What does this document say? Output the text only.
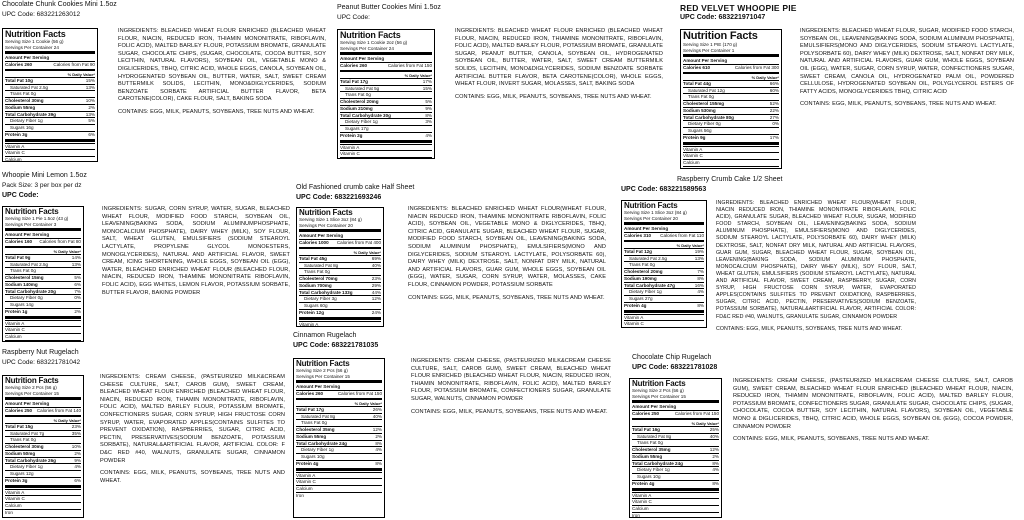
Chocolate Chunk Cookies Mini 1.5oz
UPC Code: 683221263012
Nutrition Facts
Serving Size 1 Cookie (56 g)
Servings Per Container 24
Amount Per Serving
Calories 260	Calories from Fat 90
% Daily Value*
Total Fat 10g	15%
Saturated Fat 2.5g	13%
Trans Fat 0g
Cholesterol 30mg	10%
Sodium 55mg	2%
Total Carbohydrate 39g	13%
Dietary Fiber 1g	5%
Sugars 16g
Protein 3g	6%
Vitamin A
Vitamin C
Calcium

INGREDIENTS: BLEACHED WHEAT FLOUR ENRICHED (BLEACHED WHEAT FLOUR, NIACIN, REDUCED IRON, THIAMIN MONONITRATE, RIBOFLAVIN, FOLIC ACID), MALTED BARLEY FLOUR, POTASSIUM BROMATE, GRANULATE SUGAR, CHOCOLATE CHIPS, (SUGAR, CHOCOLATE, COCOA BUTTER, SOY LECITHIN, NATURAL FLAVORS), SOYBEAN OIL, VEGETABLE MONO & DIGLICERIDES, TBHQ, CITRIC ACID, WHOLE EGGS, CANOLA, SOYBEAN OIL, HYDROGENATED SOYBEAN OIL, BUTTER, WATER, SALT, SWEET CREAM BUTTERMILK SOLIDS, LECITHIN, MONO&DIGLYCERIDES, SODIUM BENZOATE SORBATE ARTIFICIAL BUTTER FLAVOR, BETA CAROTENE(COLOR), CAKE FLOUR, SALT, BAKING SODA

CONTAINS: EGG, MILK, PEANUTS, SOYBEANS, TREE NUTS AND WHEAT.

Peanut Butter Cookies Mini 1.5oz
UPC Code:
Nutrition Facts
Serving Size 1 Cookie 2oz (56 g)
Servings Per Container 24
Amount Per Serving
Calories 260	Calories from Fat 150
% Daily Value*
Total Fat 17g	17%
Saturated Fat 5g	15%
Trans Fat 0g
Cholesterol 20mg	5%
Sodium 210mg	9%
Total Carbohydrate 30g	8%
Dietary Fiber 1g	3%
Sugars 17g
Protein 2g	4%
Vitamin A
Vitamin C

INGREDIENTS: BLEACHED WHEAT FLOUR ENRICHED (BLEACHED WHEAT FLOUR, NIACIN, REDUCED IRON, THIAMINE MONONITRATE, RIBOFLAVIN, FOLIC ACID), MALTED BARLEY FLOUR, POTASSIUM BROMATE, GRANULATE SUGAR, PEANUT BUTTER, CANOLA, SOYBEAN OIL, HYDROGENATED SOYBEAN OIL, BUTTER, WATER, SALT, SWEET CREAM BUTTERMILK SOLIDS, LECITHIN, MONO&DIGLYCERIDES, SODIUM BENZOATE SORBATE ARTIFICIAL BUTTER FLAVOR, BETA CAROTENE(COLOR), WHOLE EGGS, WHEAT FLOUR, INVERT SUGAR, MOLASSES, SALT, BAKING SODA

CONTAINS: EGG, MILK, PEANUTS, SOYBEANS, TREE NUTS AND WHEAT.

RED VELVET WHOOPIE PIE
UPC Code: 683221971047
Nutrition Facts
Serving Size 1 PIE (170 g)
Servings Per Container 1
Amount Per Serving
Calories 610	Calories from Fat 300
% Daily Value*
Total Fat 44g	66%
Saturated Fat 12g	60%
Trans Fat 0g
Cholesterol 155mg	52%
Sodium 530mg	22%
Total Carbohydrate 80g	27%
Dietary Fiber 0g	0%
Sugars 56g
Protein 9g	17%
Vitamin A
Vitamin C
Calcium

INGREDIENTS: BLEACHED WHEAT FLOUR, SUGAR, MODIFIED FOOD STARCH, SOYBEAN OIL, LEAVENING(BAKING SODA, SODIUM ALUMINUM PHOSPHATE), EMULSIFIERS(MONO AND DIGLYCERIDES, SODIUM STEAROYL LACTYLATE, POLYSORBATE 60), DAIRY WHEY (MILK) DEXTROSE, SALT, NONFAT DRY MILK, NATURAL AND ARTIFICIAL FLAVORS, GUAR GUM, WHOLE EGGS, SOYBEAN OIL (EGG), WATER, SUGAR, CORN SYRUP, WATER, CONFECTIONERS SUGAR, SWEET CREAM, CANOLA OIL, HYDROGENATED PALM OIL, POWDERED CELLULOSE, HYDROGENATED SOYBEAN OIL, POLYGLYCEROL ESTERS OF FATTY ACIDS, MONOGLYCERIDES TBHQ, CITRIC ACID

CONTAINS: EGG, MILK, PEANUTS, SOYBEANS, TREE NUTS AND WHEAT.

Whoopie Mini Lemon 1.5oz
Pack Size: 3 per box per dz
UPC Code:
Nutrition Facts
Serving Size 1 Pie 1.5oz (43 g)
Servings Per Container 3
Amount Per Serving
Calories 160 Calories from Fat 80
% Daily Value*
Total Fat 9g	14%
Saturated Fat 2.5g	13%
Trans Fat 0g
Cholesterol 15mg	5%
Sodium 140mg	6%
Total Carbohydrate 20g	7%
Dietary Fiber 0g	0%
Sugars 14g
Protein 1g	2%
Vitamin A
Vitamin C
Calcium

INGREDIENTS: SUGAR, CORN SYRUP, WATER, SUGAR, BLEACHED WHEAT FLOUR, MODIFIED FOOD STARCH, SOYBEAN OIL, LEAVENING(BAKING SODA, SODIUM ALUMINUMPHOSPHATE, MONOCALCIUM PHOSPHATE), DAIRY WHEY (MILK), SOY FLOUR, SALT, WHEAT GLUTEN, EMULSIFIERS (SODIUM STEAROYL LACTYLATE, PROPYLENE GLYCOL MONOESTERS, MONOGLYCERIDES), NATURAL AND ARTIFICIAL FLAVOR, SWEET CREAM, ICING SHORTENING, WHOLE EGGS, SOYBEAN OIL (EGG), WATER, BLEACHED ENRICHED WHEAT FLOUR (BLEACHED FLOUR, NIACIN, REDUCED IRON, THIAMINE MONONITRATE RIBOFLAVIN, FOLIC ACID), EGG WHITES, LEMON FLAVOR, POTASSIUM SORBATE, BUTTER FLAVOR, BAKING POWDER

Old Fashioned crumb cake Half Sheet
UPC Code: 683221693246
Nutrition Facts
Serving Size 1 Slice 3oz (84 g)
Servings Per Container 20
Amount Per Serving
Calories 1000 Calories from Fat 400
% Daily Value*
Total Fat 45g	69%
Saturated Fat 8g	40%
Trans Fat 0g
Cholesterol 70mg	23%
Sodium 700mg	29%
Total Carbohydrate 133g	44%
Dietary Fiber 3g	12%
Sugars 60g
Protein 12g	24%
Vitamin A

INGREDIENTS: BLEACHED ENRICHED WHEAT FLOUR(WHEAT FLOUR, NIACIN REDUCED IRON, THIAMINE MONONITRATE RIBOFLAVIN, FOLIC ACID), SOYBEAN OIL, VEGETABLE MONO & DIGLYCERIDES, TBHQ, CITRIC ACID, GRANULATE SUGAR, BLEACHED WHEAT FLOUR, SUGAR, MODIFIED FOOD STARCH, SOYBEAN OIL, LEAVENING(BAKING SODA, SODIUM ALUMINUM PHOSPHATE), EMULSIFIERS(MONO AND DIGLYCERIDES, SODIUM STEAROYL LACTYLATE, POLYSORBATE 60), DAIRY WHEY (MILK) DEXTROSE, SALT, NONFAT DRY MILK, NATURAL AND ARTIFICIAL FLAVORS, GUAR GUM, WHOLE EGGS, SOYBEAN OIL (EGG), WATER, SUGAR, CORN SYRUP, WATER, MOLASSES, CAKE FLOUR, CINNAMON POWDER, POTASSIUM SORBATE

CONTAINS: EGG, MILK, PEANUTS, SOYBEANS, TREE NUTS AND WHEAT.

Raspberry Crumb Cake 1/2 Sheet
UPC Code: 683221589563
Nutrition Facts
Serving Size 1 Slice 3oz (84 g)
Servings Per Container 20
Amount Per Serving
Calories 310 Calories from Fat 110
% Daily Value*
Total Fat 12g	19%
Saturated Fat 2.5g	13%
Trans Fat 0g
Cholesterol 20mg	7%
Sodium 190mg	8%
Total Carbohydrate 47g	16%
Dietary Fiber 1g	4%
Sugars 27g
Protein 4g	8%
Vitamin A
Vitamin C

INGREDIENTS: BLEACHED ENRICHED WHEAT FLOUR(WHEAT FLOUR, NIACIN REDUCED IRON, THIAMINE MONONITRATE RIBOFLAVIN, FOLIC ACID), GRANULATE SUGAR, BLEACHED WHEAT FLOUR, SUGAR, MODIFIED FOOD STARCH, SOYBEAN OIL, LEAVENING(BAKING SODA, SODIUM ALUMINUM PHOSPHATE), EMULSIFIERS(MONO AND DIGLYCERIDES, SODIUM STEAROYL LACTYLATE, POLYSORBATE 60), DAIRY WHEY (MILK) DEXTROSE, SALT, NONFAT DRY MILK, NATURAL AND ARTIFICIAL FLAVORS, GUAR GUM, SUGAR, BLEACHED WHEAT FLOUR, SUGAR, SOYBEAN OIL, LEAVENING(BAKING SODA, SODIUM ALUMINUM PHOSPHATE, MONOCALCIUM PHOSPHATE), DAIRY WHEY (MILK), SOY FLOUR, SALT, WHEAT GLUTEN, EMULSIFIERS (SODIUM STEAROYL LACTYLATE), NATURAL AND ARTIFICIAL FLAVOR, SWEET CREAM, RASPBERRY, SUGAR, CORN SYRUP, HIGH FRUCTOSE CORN SYRUP, WATER, EVAPORATED APPLES(CONTAINS SULFITES TO PREVENT OXIDATION), RASPBERRIES, SUGAR, CITRIC ACID, PECTIN, PRESERVATIVES(SODIUM BENZOATE, POTASSIUM SORBATE), NATURAL&ARTIFICIAL FLAVOR, ARTIFICIAL COLOR: FD&C RED #40, WALNUTS, GRANULATE SUGAR, CINNAMON POWDER

CONTAINS: EGG, MILK, PEANUTS, SOYBEANS, TREE NUTS AND WHEAT.

Raspberry Nut Rugelach
UPC Code: 683221781042
Nutrition Facts
Serving Size 2 Pcs (56 g)
Servings Per Container 15
Amount Per Serving
Calories 250 Calories from Fat 140
% Daily Value*
Total Fat 15g	23%
Saturated Fat 7g	35%
Trans Fat 0g
Cholesterol 30mg	10%
Sodium 50mg	2%
Total Carbohydrate 26g	9%
Dietary Fiber 1g	4%
Sugars 12g
Protein 3g	6%
Vitamin A
Vitamin C
Calcium
Iron

INGREDIENTS: CREAM CHEESE, (PASTEURIZED MILK&CREAM CHEESE CULTURE, SALT, CAROB GUM), SWEET CREAM, BLEACHED WHEAT FLOUR ENRICHED (BLEACHED WHEAT FLOUR, NIACIN, REDUCED IRON, THIAMIN MONONITRATE, RIBOFLAVIN, FOLIC ACID), MALTED BARLEY FLOUR, POTASSIUM BROMATE, CONFECTIONERS SUGAR, CORN SYRUP, HIGH FRUCTOSE CORN SYRUP, WATER, EVAPORATED APPLES(CONTAINS SULFITES TO PREVENT OXIDATION), RASPBERRIES, SUGAR, CITRIC ACID, PECTIN, PRESERVATIVES(SODIUM BENZOATE, POTASSIUM SORBATE), NATURAL&ARTIFICIAL FLAVOR, ARTIFICIAL COLOR: F D&C RED #40, WALNUTS, GRANULATE SUGAR, CINNAMON POWDER

CONTAINS: EGG, MILK, PEANUTS, SOYBEANS, TREE NUTS AND WHEAT.

Cinnamon Rugelach
UPC Code: 683221781035
Nutrition Facts
Serving Size 2 Pcs (56 g)
Servings Per Container 15
Amount Per Serving
Calories 260	Calories from Fat 150
% Daily Value*
Total Fat 17g	26%
Saturated Fat 8g	40%
Trans Fat 0g
Cholesterol 35mg	12%
Sodium 55mg	2%
Total Carbohydrate 24g	8%
Dietary Fiber 1g	4%
Sugars 10g
Protein 4g	8%
Vitamin A
Vitamin C
Calcium
Iron

INGREDIENTS: CREAM CHEESE, (PASTEURIZED MILK&CREAM CHEESE CULTURE, SALT, CAROB GUM), SWEET CREAM, BLEACHED WHEAT FLOUR ENRICHED (BLEACHED WHEAT FLOUR, NIACIN, REDUCED IRON, THIAMIN MONONITRATE, RIBOFLAVIN, FOLIC ACID), MALTED BARLEY FLOUR, POTASSIUM BROMATE, CONFECTIONERS SUGAR, GRANULATE SUGAR, WALNUTS, CINNAMON POWDER

CONTAINS: EGG, MILK, PEANUTS, SOYBEANS, TREE NUTS AND WHEAT.

Chocolate Chip Rugelach
UPC Code: 683221781028
Nutrition Facts
Serving Size 2 Pcs (56 g)
Servings Per Container 15
Amount Per Serving
Calories 250	Calories from Fat 150
% Daily Value*
Total Fat 16g	25%
Saturated Fat 8g	40%
Trans Fat 0g
Cholesterol 35mg	12%
Sodium 55mg	2%
Total Carbohydrate 24g	8%
Dietary Fiber 1g	4%
Sugars 10g
Protein 4g	8%
Vitamin A
Vitamin C
Calcium
Iron

INGREDIENTS: CREAM CHEESE, (PASTEURIZED MILK&CREAM CHEESE CULTURE, SALT, CAROB GUM), SWEET CREAM, BLEACHED WHEAT FLOUR ENRICHED (BLEACHED WHEAT FLOUR, NIACIN, REDUCED IRON, THIAMIN MONONITRATE, RIBOFLAVIN, FOLIC ACID), MALTED BARLEY FLOUR, POTASSIUM BROMATE, CONFECTIONERS SUGAR, GRANULATE SUGAR, CHOCOLATE CHIPS, (SUGAR, CHOCOLATE, COCOA BUTTER, SOY LECITHIN, NATURAL FLAVORS), SOYBEAN OIL, VEGETABLE MONO & DIGLICERIDES, TBHQ, CITRIC ACID, WHOLE EGGS, SOYBEAN OIL (EGG), COCOA POWDER, CINNAMON POWDER

CONTAINS: EGG, MILK, PEANUTS, SOYBEANS, TREE NUTS AND WHEAT.
